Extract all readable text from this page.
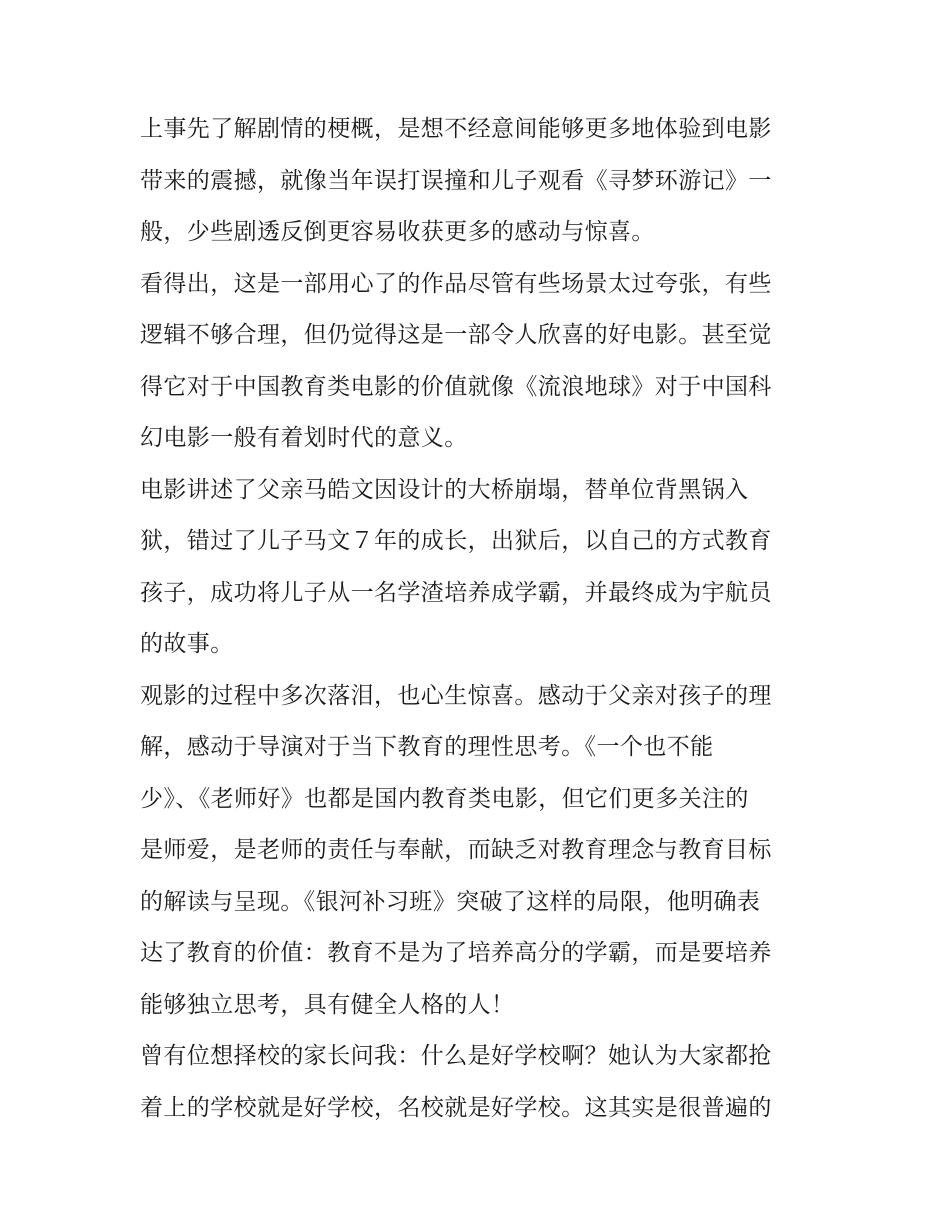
上事先了解剧情的梗概，是想不经意间能够更多地体验到电影
带来的震撼，就像当年误打误撞和儿子观看《寻梦环游记》一
般，少些剧透反倒更容易收获更多的感动与惊喜。
看得出，这是一部用心了的作品尽管有些场景太过夸张，有些
逻辑不够合理，但仍觉得这是一部令人欣喜的好电影。甚至觉
得它对于中国教育类电影的价值就像《流浪地球》对于中国科
幻电影一般有着划时代的意义。
电影讲述了父亲马皓文因设计的大桥崩塌，替单位背黑锅入
狱，错过了儿子马文７年的成长，出狱后，以自己的方式教育
孩子，成功将儿子从一名学渣培养成学霸，并最终成为宇航员
的故事。
观影的过程中多次落泪，也心生惊喜。感动于父亲对孩子的理
解，感动于导演对于当下教育的理性思考。《一个也不能
少》、《老师好》也都是国内教育类电影，但它们更多关注的
是师爱，是老师的责任与奉献，而缺乏对教育理念与教育目标
的解读与呈现。《银河补习班》突破了这样的局限，他明确表
达了教育的价值：教育不是为了培养高分的学霸，而是要培养
能够独立思考，具有健全人格的人！
曾有位想择校的家长问我：什么是好学校啊？她认为大家都抢
着上的学校就是好学校，名校就是好学校。这其实是很普遍的
